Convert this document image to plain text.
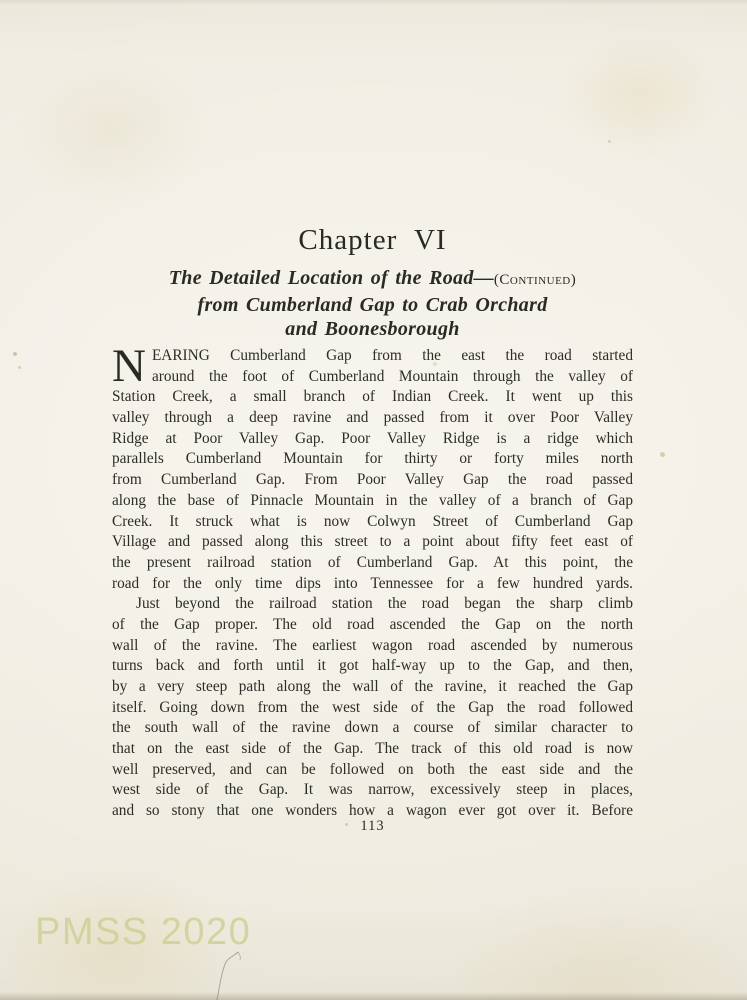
Chapter VI
The Detailed Location of the Road—(Continued)
from Cumberland Gap to Crab Orchard
and Boonesborough
N EARING Cumberland Gap from the east the road started
around the foot of Cumberland Mountain through the valley of
Station Creek, a small branch of Indian Creek. It went up this
valley through a deep ravine and passed from it over Poor Valley
Ridge at Poor Valley Gap. Poor Valley Ridge is a ridge which
parallels Cumberland Mountain for thirty or forty miles north
from Cumberland Gap. From Poor Valley Gap the road passed
along the base of Pinnacle Mountain in the valley of a branch of Gap
Creek. It struck what is now Colwyn Street of Cumberland Gap
Village and passed along this street to a point about fifty feet east of
the present railroad station of Cumberland Gap. At this point, the
road for the only time dips into Tennessee for a few hundred yards.
Just beyond the railroad station the road began the sharp climb
of the Gap proper. The old road ascended the Gap on the north
wall of the ravine. The earliest wagon road ascended by numerous
turns back and forth until it got half-way up to the Gap, and then,
by a very steep path along the wall of the ravine, it reached the Gap
itself. Going down from the west side of the Gap the road followed
the south wall of the ravine down a course of similar character to
that on the east side of the Gap. The track of this old road is now
well preserved, and can be followed on both the east side and the
west side of the Gap. It was narrow, excessively steep in places,
and so stony that one wonders how a wagon ever got over it. Before
113
PMSS 2020
